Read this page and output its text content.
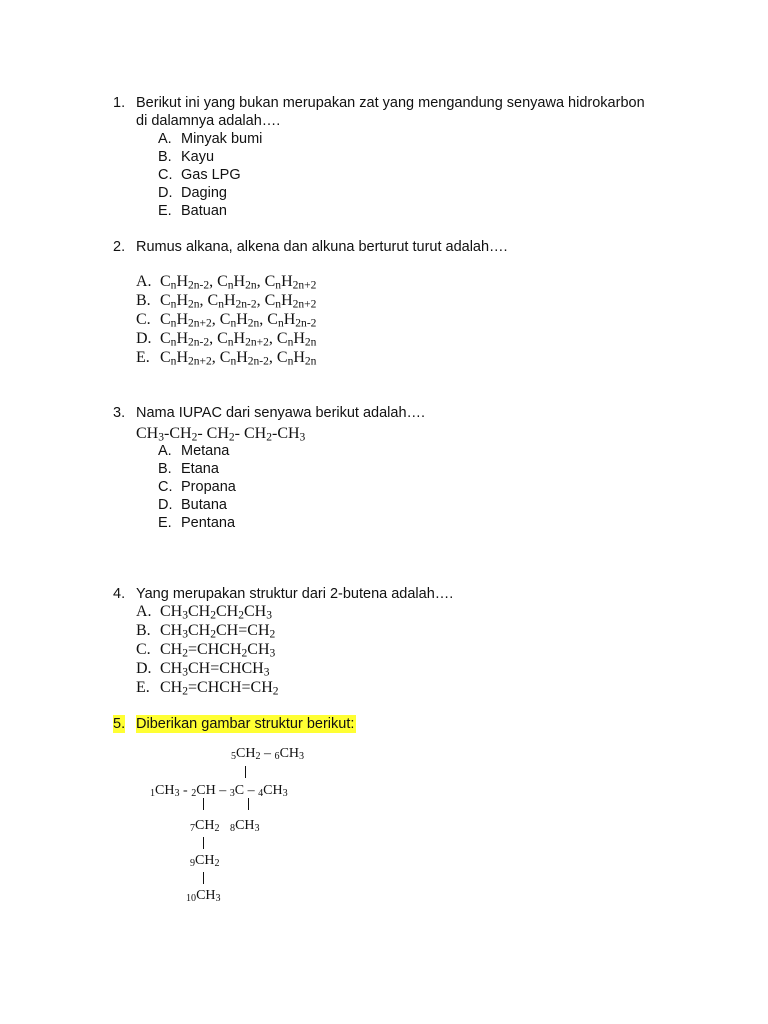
1. Berikut ini yang bukan merupakan zat yang mengandung senyawa hidrokarbon
di dalamnya adalah….
A. Minyak bumi
B. Kayu
C. Gas LPG
D. Daging
E. Batuan
2. Rumus alkana, alkena dan alkuna berturut turut adalah….
A. $C_nH_{2n-2}$, $C_nH_{2n}$, $C_nH_{2n+2}$
B. $C_nH_{2n}$, $C_nH_{2n-2}$, $C_nH_{2n+2}$
C. $C_nH_{2n+2}$, $C_nH_{2n}$, $C_nH_{2n-2}$
D. $C_nH_{2n-2}$, $C_nH_{2n+2}$, $C_nH_{2n}$
E. $C_nH_{2n+2}$, $C_nH_{2n-2}$, $C_nH_{2n}$
3. Nama IUPAC dari senyawa berikut adalah….
$CH_3-CH_2-$ $CH_2-$ $CH_2-CH_3$
A. Metana
B. Etana
C. Propana
D. Butana
E. Pentana
4. Yang merupakan struktur dari 2-butena adalah….
A. $CH_3CH_2CH_2CH_3$
B. $CH_3CH_2CH=CH_2$
C. $CH_2=CHCH_2CH_3$
D. $CH_3CH=CHCH_3$
E. $CH_2=CHCH=CH_2$
5. Diberikan gambar struktur berikut:
$_5CH_2 - _6CH_3$
$_1CH_3 - _2CH - _3C - _4CH_3$
$_7CH_2$ $_8CH_3$
$_9CH_2$
$_{10}CH_3$
